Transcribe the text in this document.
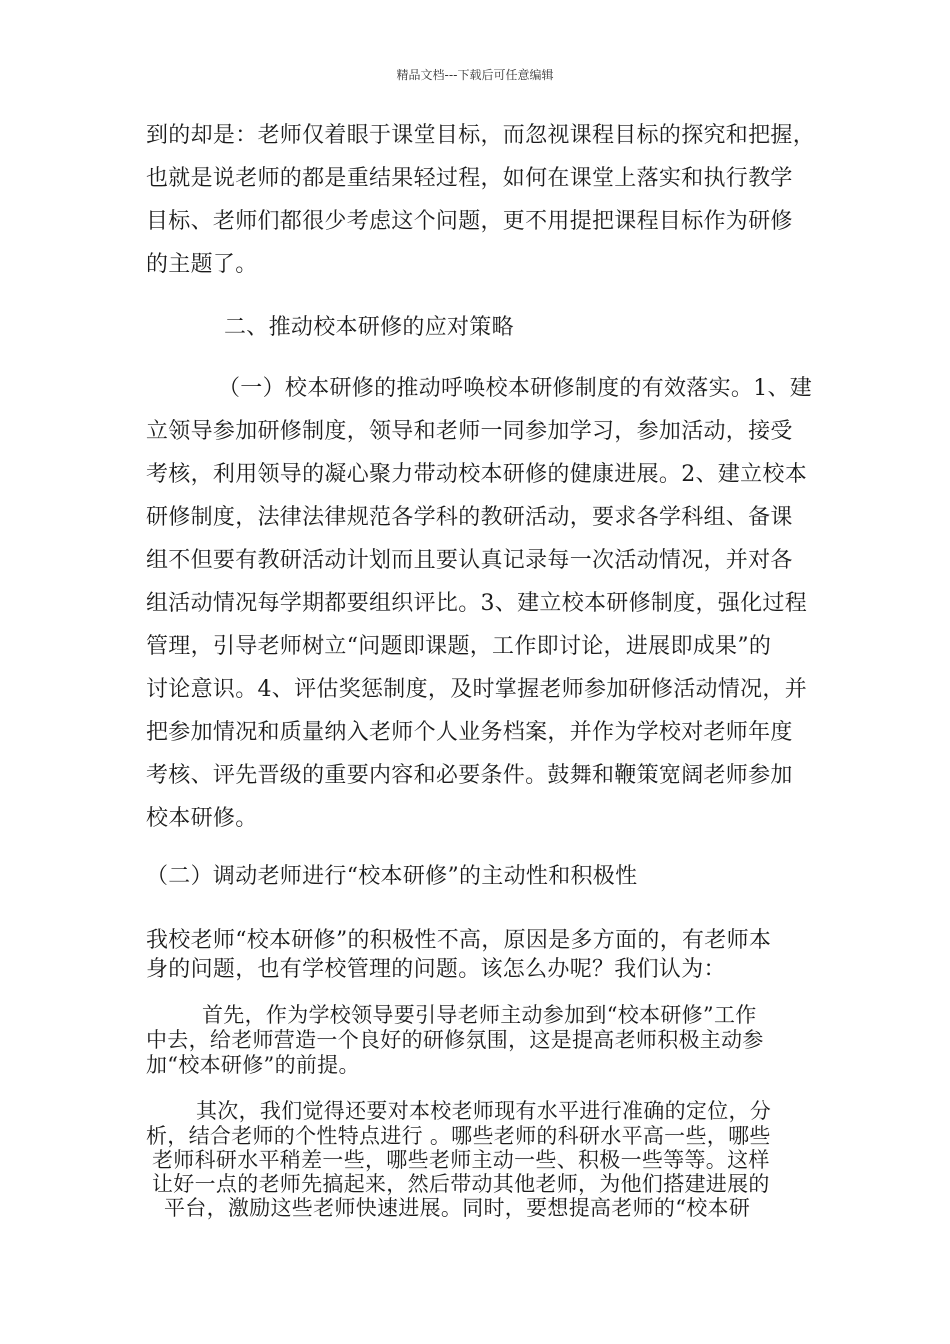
精品文档---下载后可任意编辑
到的却是：老师仅着眼于课堂目标，而忽视课程目标的探究和把握，
也就是说老师的都是重结果轻过程，如何在课堂上落实和执行教学
目标、老师们都很少考虑这个问题，更不用提把课程目标作为研修
的主题了。
二、推动校本研修的应对策略
（一）校本研修的推动呼唤校本研修制度的有效落实。1、建
立领导参加研修制度，领导和老师一同参加学习，参加活动，接受
考核，利用领导的凝心聚力带动校本研修的健康进展。2、建立校本
研修制度，法律法律规范各学科的教研活动，要求各学科组、备课
组不但要有教研活动计划而且要认真记录每一次活动情况，并对各
组活动情况每学期都要组织评比。3、建立校本研修制度，强化过程
管理，引导老师树立“问题即课题，工作即讨论，进展即成果”的
讨论意识。4、评估奖惩制度，及时掌握老师参加研修活动情况，并
把参加情况和质量纳入老师个人业务档案，并作为学校对老师年度
考核、评先晋级的重要内容和必要条件。鼓舞和鞭策宽阔老师参加
校本研修。
（二）调动老师进行“校本研修”的主动性和积极性
我校老师“校本研修”的积极性不高，原因是多方面的，有老师本
身的问题，也有学校管理的问题。该怎么办呢？我们认为：
首先，作为学校领导要引导老师主动参加到“校本研修”工作
中去，给老师营造一个良好的研修氛围，这是提高老师积极主动参
加“校本研修”的前提。
其次，我们觉得还要对本校老师现有水平进行准确的定位，分
析，结合老师的个性特点进行 。哪些老师的科研水平高一些，哪些
老师科研水平稍差一些，哪些老师主动一些、积极一些等等。这样
让好一点的老师先搞起来，然后带动其他老师，为他们搭建进展的
平台，激励这些老师快速进展。同时，要想提高老师的“校本研
